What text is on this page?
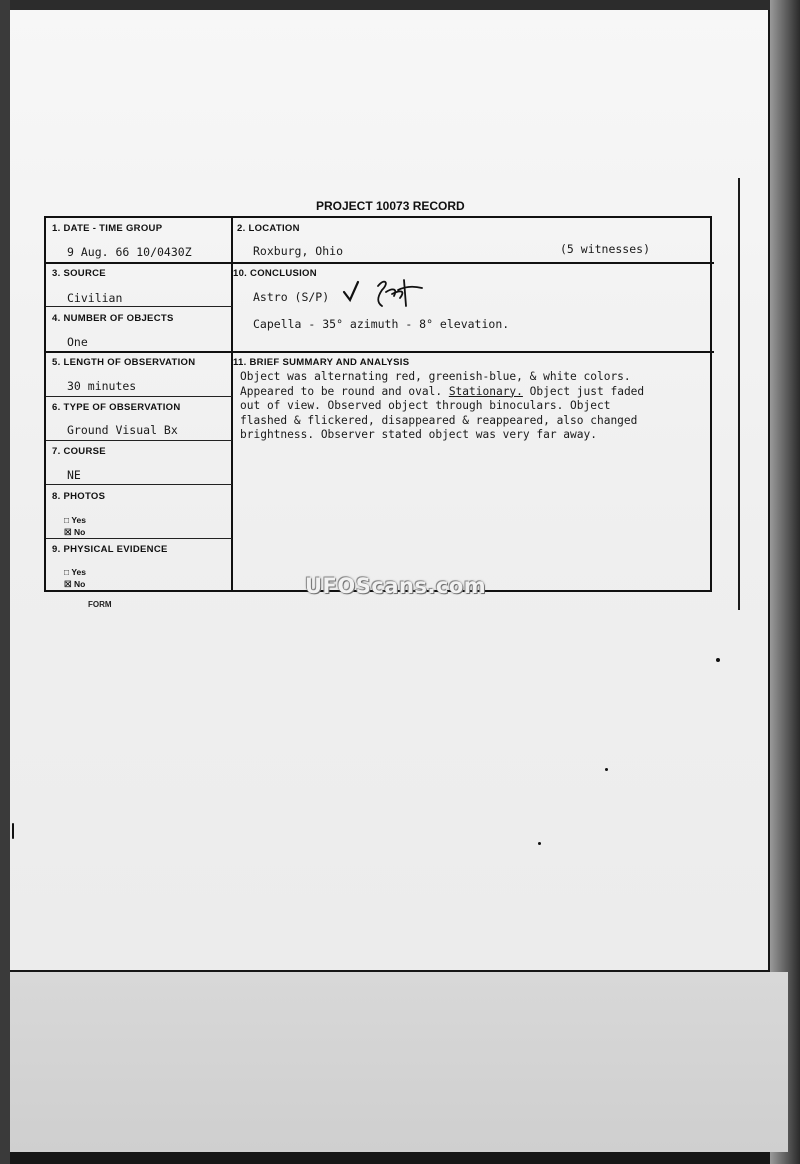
PROJECT 10073 RECORD
1. DATE - TIME GROUP
9 Aug. 66 10/0430Z
2. LOCATION
Roxburg, Ohio	(5 witnesses)
3. SOURCE
Civilian
4. NUMBER OF OBJECTS
One
10. CONCLUSION
Astro (S/P)
Capella - 35° azimuth - 8° elevation.
5. LENGTH OF OBSERVATION
30 minutes
11. BRIEF SUMMARY AND ANALYSIS
Object was alternating red, greenish-blue, & white colors.
Appeared to be round and oval. Stationary. Object just faded
out of view. Observed object through binoculars. Object
flashed & flickered, disappeared & reappeared, also changed
brightness. Observer stated object was very far away.
6. TYPE OF OBSERVATION
Ground Visual Bx
7. COURSE
NE
8. PHOTOS
□ Yes
☒ No
9. PHYSICAL EVIDENCE
□ Yes
☒ No
FORM
UFOScans.com
